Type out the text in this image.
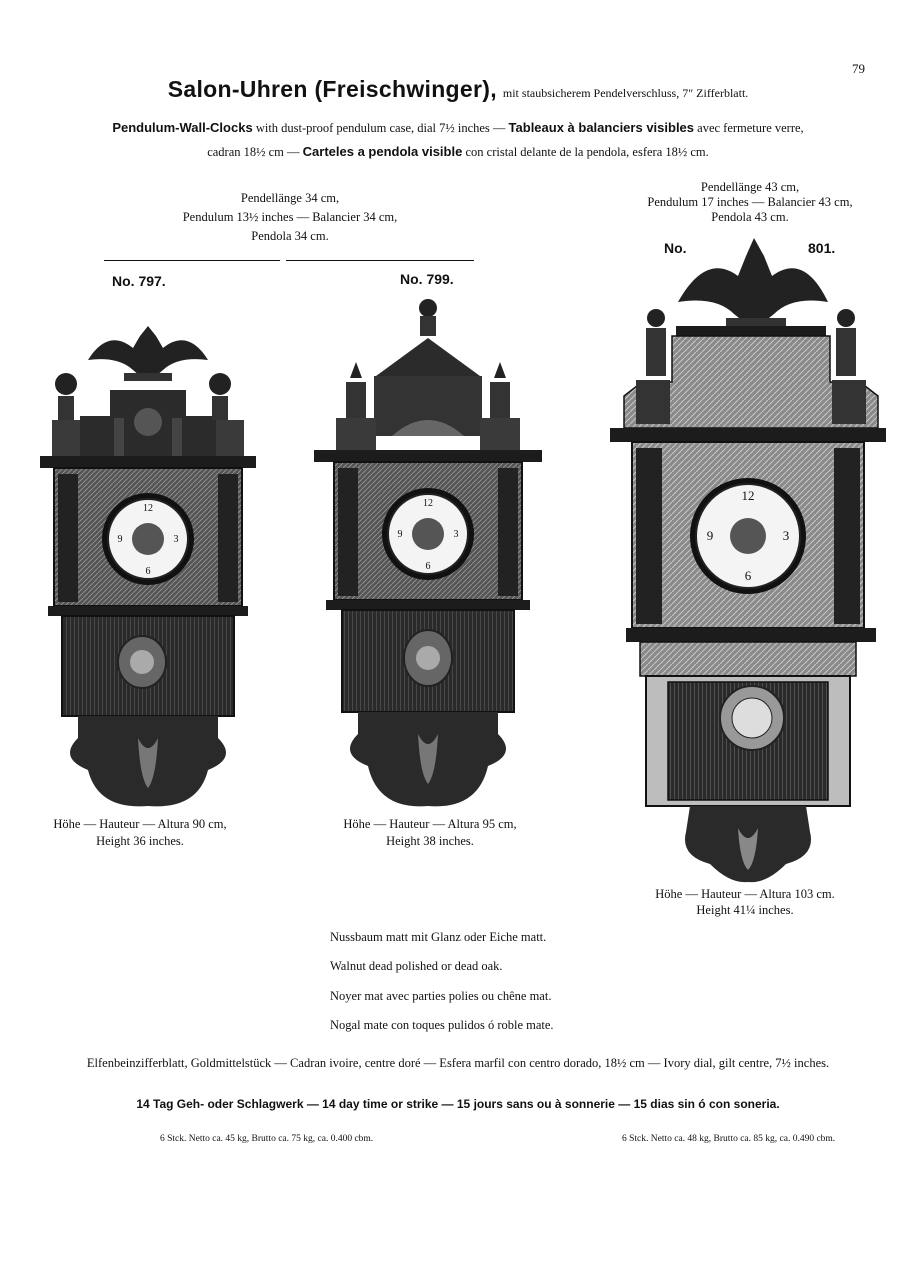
79
Salon-Uhren (Freischwinger), mit staubsicherem Pendelverschluss, 7″ Zifferblatt.
Pendulum-Wall-Clocks with dust-proof pendulum case, dial 7½ inches — Tableaux à balanciers visibles avec fermeture verre,
cadran 18½ cm — Carteles a pendola visible con cristal delante de la pendola, esfera 18½ cm.
Pendellänge 34 cm,
Pendulum 13½ inches — Balancier 34 cm,
Pendola 34 cm.
Pendellänge 43 cm,
Pendulum 17 inches — Balancier 43 cm,
Pendola 43 cm.
No. 797.	No. 799.
No.	801.
12
3
6
9
12
3
6
9
12
3
6
9
Höhe — Hauteur — Altura 90 cm,
Height 36 inches.
Höhe — Hauteur — Altura 95 cm,
Height 38 inches.
Höhe — Hauteur — Altura 103 cm.
Height 41¼ inches.
Nussbaum matt mit Glanz oder Eiche matt.
Walnut dead polished or dead oak.
Noyer mat avec parties polies ou chêne mat.
Nogal mate con toques pulidos ó roble mate.
Elfenbeinzifferblatt, Goldmittelstück — Cadran ivoire, centre doré — Esfera marfil con centro dorado, 18½ cm — Ivory dial, gilt centre, 7½ inches.
14 Tag Geh- oder Schlagwerk — 14 day time or strike — 15 jours sans ou à sonnerie — 15 dias sin ó con soneria.
6 Stck. Netto ca. 45 kg, Brutto ca. 75 kg, ca. 0.400 cbm.	6 Stck. Netto ca. 48 kg, Brutto ca. 85 kg, ca. 0.490 cbm.
